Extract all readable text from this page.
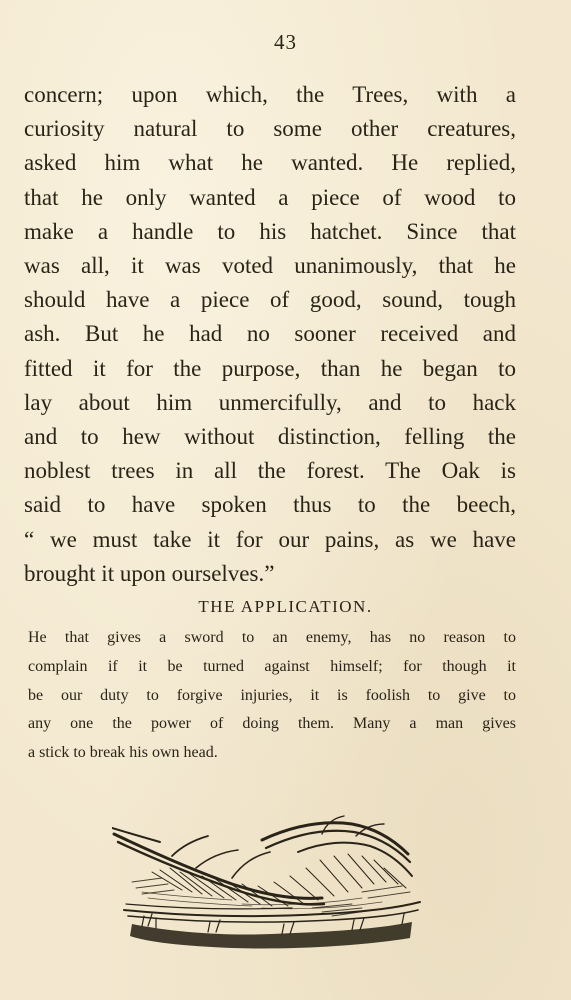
43
concern; upon which, the Trees, with a
curiosity natural to some other creatures,
asked him what he wanted. He replied,
that he only wanted a piece of wood to
make a handle to his hatchet. Since that
was all, it was voted unanimously, that he
should have a piece of good, sound, tough
ash. But he had no sooner received and
fitted it for the purpose, than he began to
lay about him unmercifully, and to hack
and to hew without distinction, felling the
noblest trees in all the forest. The Oak is
said to have spoken thus to the beech,
“ we must take it for our pains, as we have
brought it upon ourselves.”
THE APPLICATION.
He that gives a sword to an enemy, has no reason to
complain if it be turned against himself; for though it
be our duty to forgive injuries, it is foolish to give to
any one the power of doing them. Many a man gives
a stick to break his own head.
